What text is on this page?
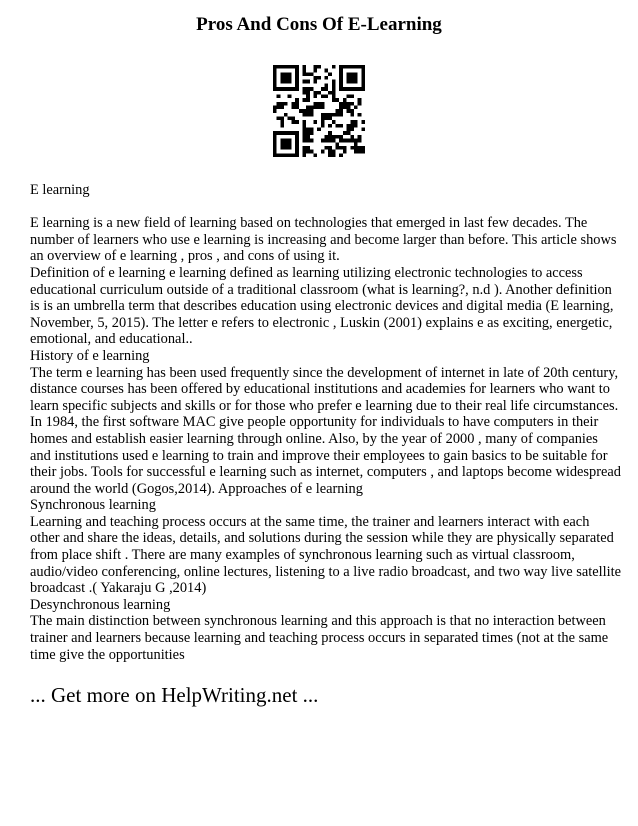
Pros And Cons Of E-Learning
E learning
E learning is a new field of learning based on technologies that emerged in last few decades. The
number of learners who use e learning is increasing and become larger than before. This article shows
an overview of e learning , pros , and cons of using it.
Definition of e learning e learning defined as learning utilizing electronic technologies to access
educational curriculum outside of a traditional classroom (what is learning?, n.d ). Another definition
is is an umbrella term that describes education using electronic devices and digital media (E learning,
November, 5, 2015). The letter e refers to electronic , Luskin (2001) explains e as exciting, energetic,
emotional, and educational..
History of e learning
The term e learning has been used frequently since the development of internet in late of 20th century,
distance courses has been offered by educational institutions and academies for learners who want to
learn specific subjects and skills or for those who prefer e learning due to their real life circumstances.
In 1984, the first software MAC give people opportunity for individuals to have computers in their
homes and establish easier learning through online. Also, by the year of 2000 , many of companies
and institutions used e learning to train and improve their employees to gain basics to be suitable for
their jobs. Tools for successful e learning such as internet, computers , and laptops become widespread
around the world (Gogos,2014). Approaches of e learning
Synchronous learning
Learning and teaching process occurs at the same time, the trainer and learners interact with each
other and share the ideas, details, and solutions during the session while they are physically separated
from place shift . There are many examples of synchronous learning such as virtual classroom,
audio/video conferencing, online lectures, listening to a live radio broadcast, and two way live satellite
broadcast .( Yakaraju G ,2014)
Desynchronous learning
The main distinction between synchronous learning and this approach is that no interaction between
trainer and learners because learning and teaching process occurs in separated times (not at the same
time give the opportunities
... Get more on HelpWriting.net ...
